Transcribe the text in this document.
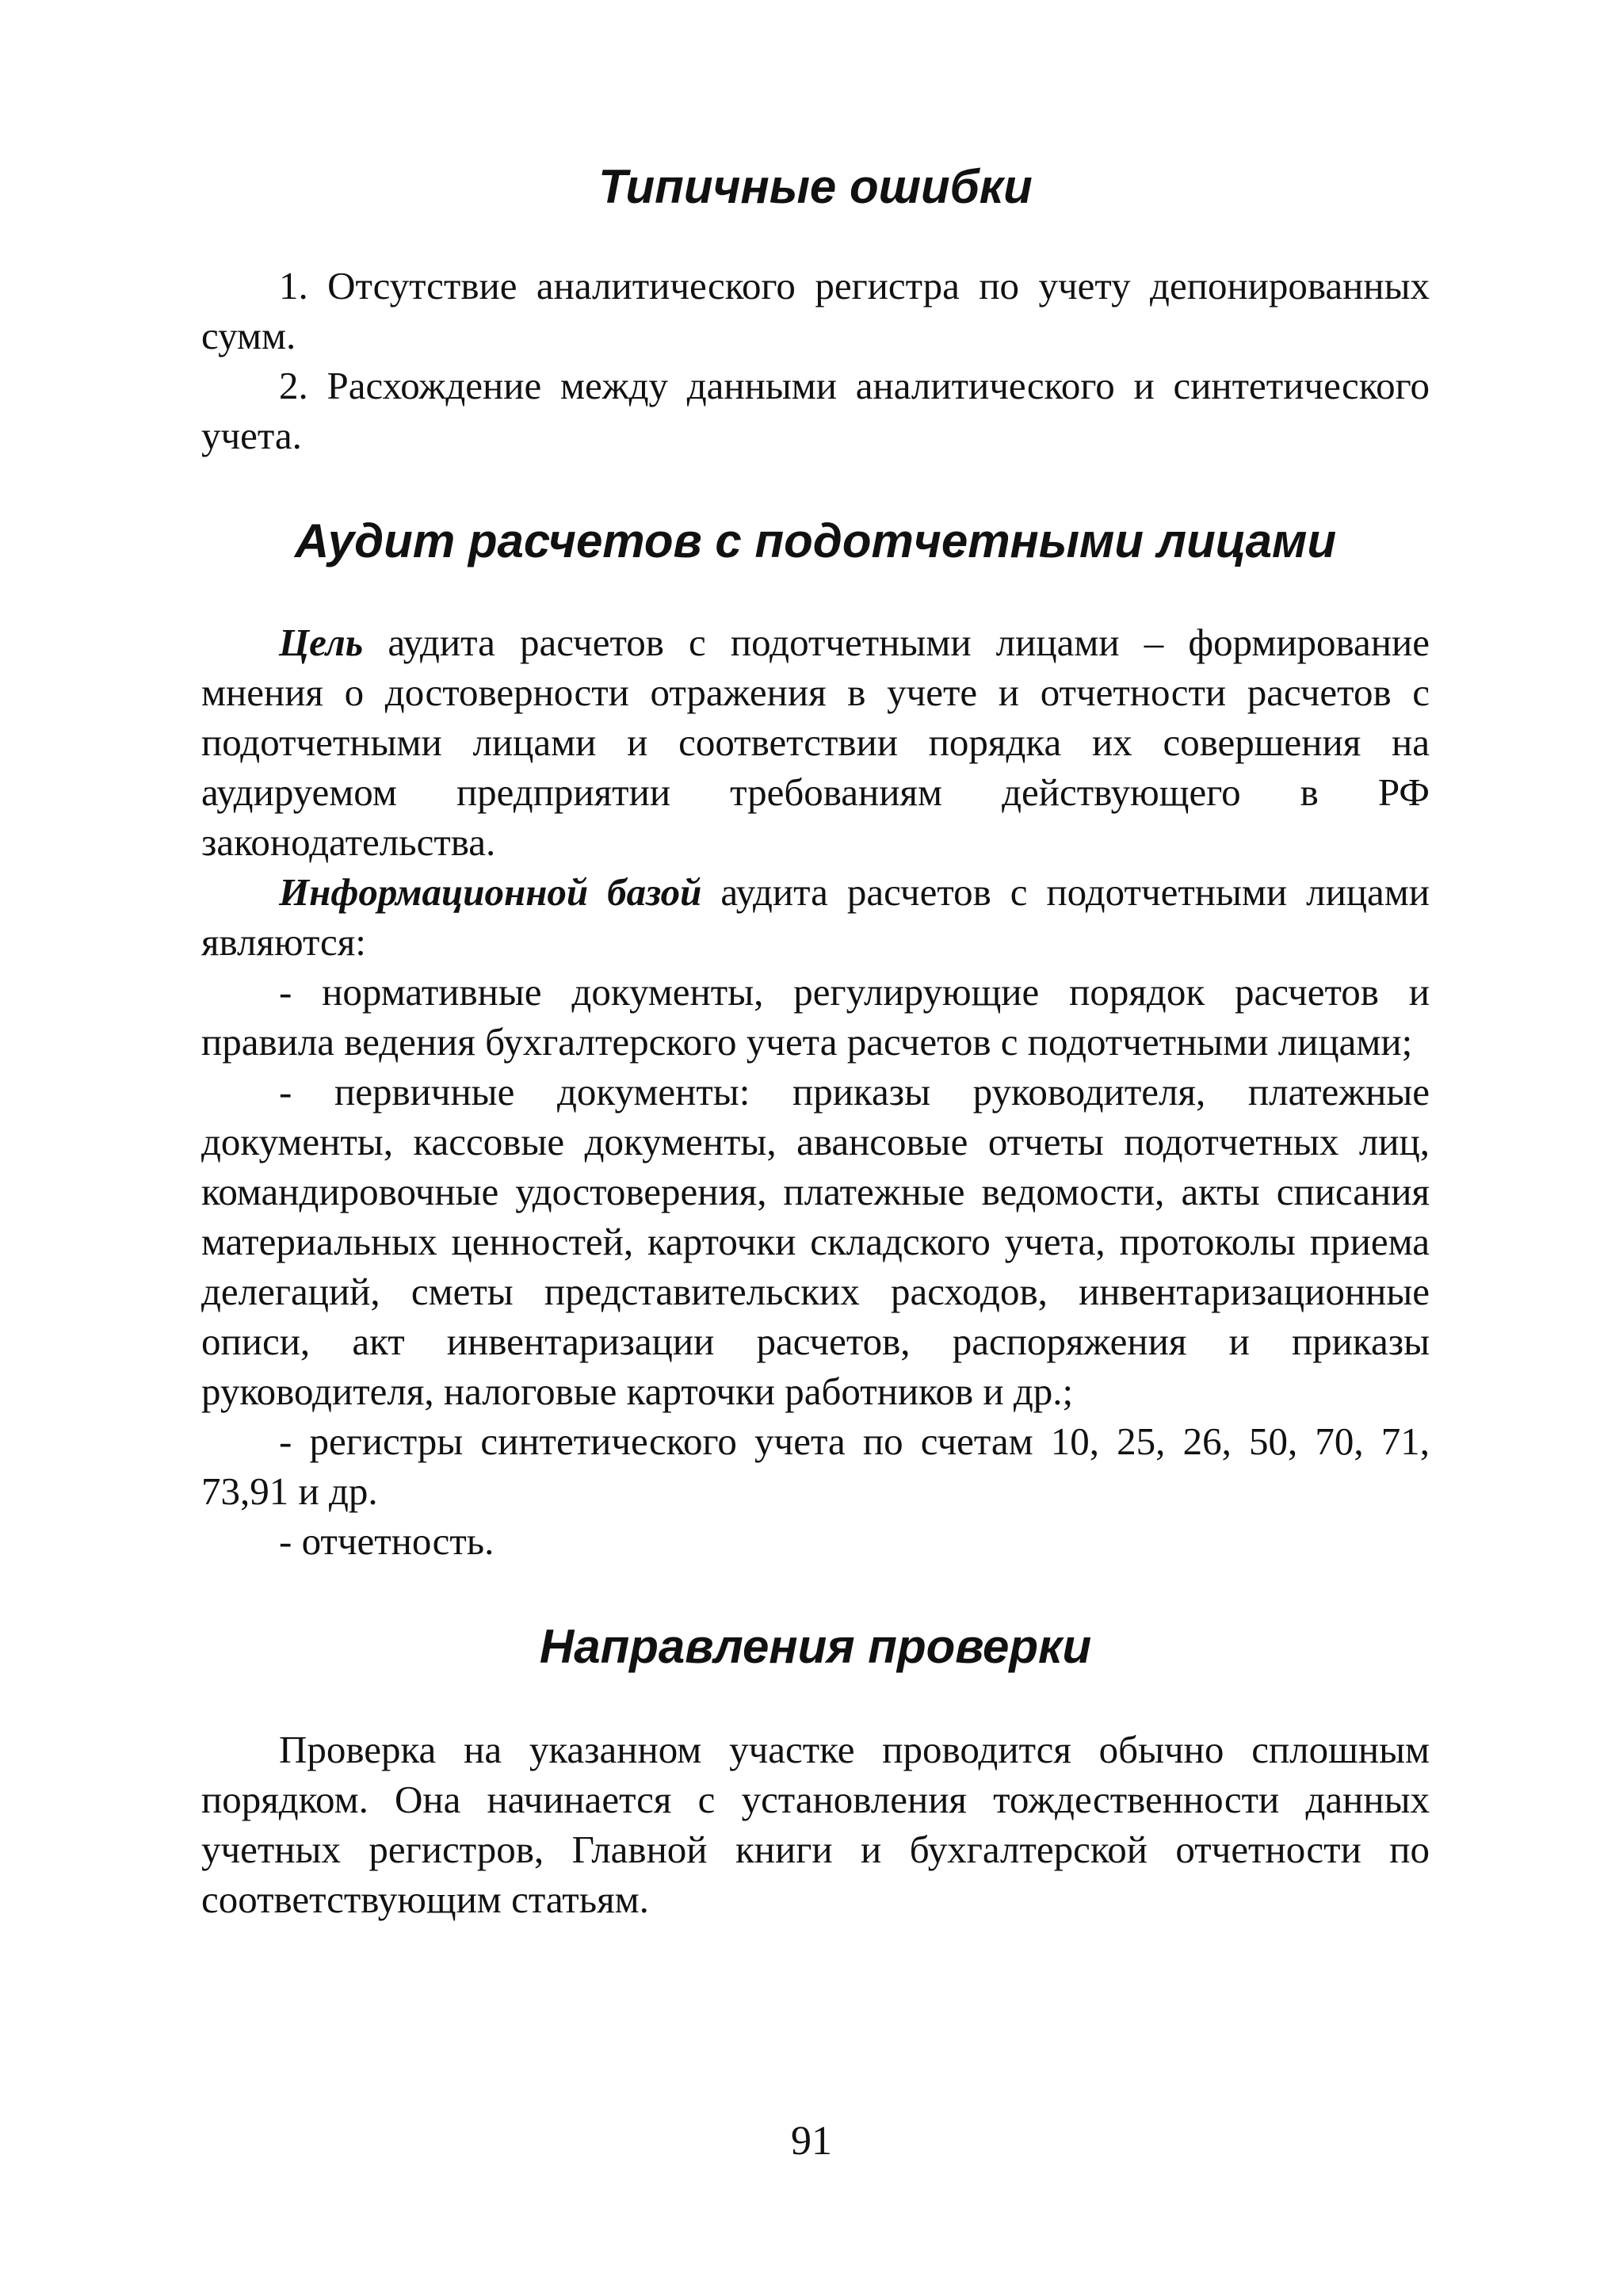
Типичные ошибки

1. Отсутствие аналитического регистра по учету депонированных сумм.

2. Расхождение между данными аналитического и синтетического учета.

Аудит расчетов с подотчетными лицами

Цель аудита расчетов с подотчетными лицами – формирование мнения о достоверности отражения в учете и отчетности расчетов с подотчетными лицами и соответствии порядка их совершения на аудируемом предприятии требованиям действующего в РФ законодательства.

Информационной базой аудита расчетов с подотчетными лицами являются:

- нормативные документы, регулирующие порядок расчетов и правила ведения бухгалтерского учета расчетов с подотчетными лицами;

- первичные документы: приказы руководителя, платежные документы, кассовые документы, авансовые отчеты подотчетных лиц, командировочные удостоверения, платежные ведомости, акты списания материальных ценностей, карточки складского учета, протоколы приема делегаций, сметы представительских расходов, инвентаризационные описи, акт инвентаризации расчетов, распоряжения и приказы руководителя, налоговые карточки работников и др.;

- регистры синтетического учета по счетам 10, 25, 26, 50, 70, 71, 73,91 и др.

- отчетность.

Направления проверки

Проверка на указанном участке проводится обычно сплошным порядком. Она начинается с установления тождественности данных учетных регистров, Главной книги и бухгалтерской отчетности по соответствующим статьям.

91
